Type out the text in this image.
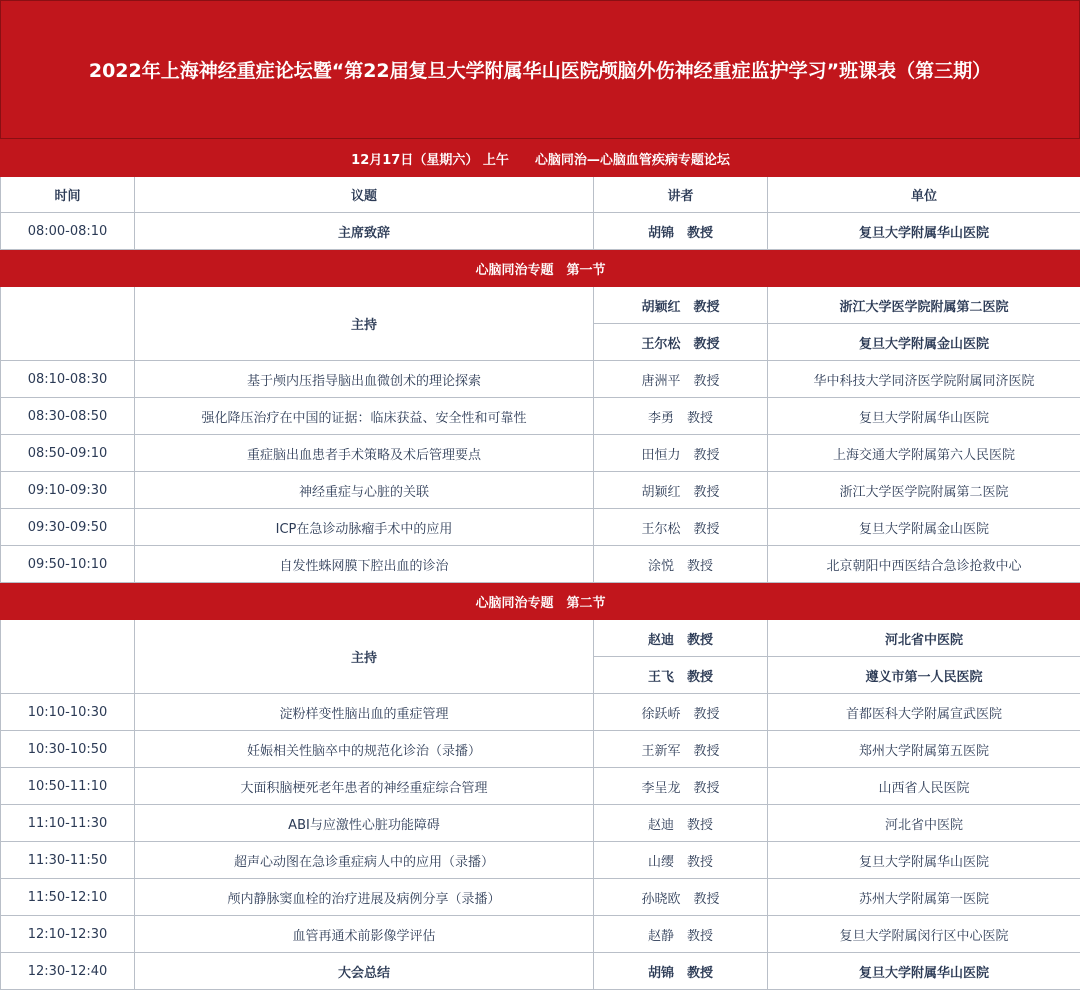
2022年上海神经重症论坛暨“第22届复旦大学附属华山医院颅脑外伤神经重症监护学习”班课表（第三期）
12月17日（星期六） 上午　　心脑同治—心脑血管疾病专题论坛			
时间	议题	讲者	单位
08:00-08:10	主席致辞	胡锦　教授	复旦大学附属华山医院
心脑同治专题　第一节			
	主持	胡颖红　教授	浙江大学医学院附属第二医院
		王尔松　教授	复旦大学附属金山医院
08:10-08:30	基于颅内压指导脑出血微创术的理论探索	唐洲平　教授	华中科技大学同济医学院附属同济医院
08:30-08:50	强化降压治疗在中国的证据：临床获益、安全性和可靠性	李勇　教授	复旦大学附属华山医院
08:50-09:10	重症脑出血患者手术策略及术后管理要点	田恒力　教授	上海交通大学附属第六人民医院
09:10-09:30	神经重症与心脏的关联	胡颖红　教授	浙江大学医学院附属第二医院
09:30-09:50	ICP在急诊动脉瘤手术中的应用	王尔松　教授	复旦大学附属金山医院
09:50-10:10	自发性蛛网膜下腔出血的诊治	涂悦　教授	北京朝阳中西医结合急诊抢救中心
心脑同治专题　第二节			
	主持	赵迪　教授	河北省中医院
		王飞　教授	遵义市第一人民医院
10:10-10:30	淀粉样变性脑出血的重症管理	徐跃峤　教授	首都医科大学附属宣武医院
10:30-10:50	妊娠相关性脑卒中的规范化诊治（录播）	王新军　教授	郑州大学附属第五医院
10:50-11:10	大面积脑梗死老年患者的神经重症综合管理	李呈龙　教授	山西省人民医院
11:10-11:30	ABI与应激性心脏功能障碍	赵迪　教授	河北省中医院
11:30-11:50	超声心动图在急诊重症病人中的应用（录播）	山缨　教授	复旦大学附属华山医院
11:50-12:10	颅内静脉窦血栓的治疗进展及病例分享（录播）	孙晓欧　教授	苏州大学附属第一医院
12:10-12:30	血管再通术前影像学评估	赵静　教授	复旦大学附属闵行区中心医院
12:30-12:40	大会总结	胡锦　教授	复旦大学附属华山医院
